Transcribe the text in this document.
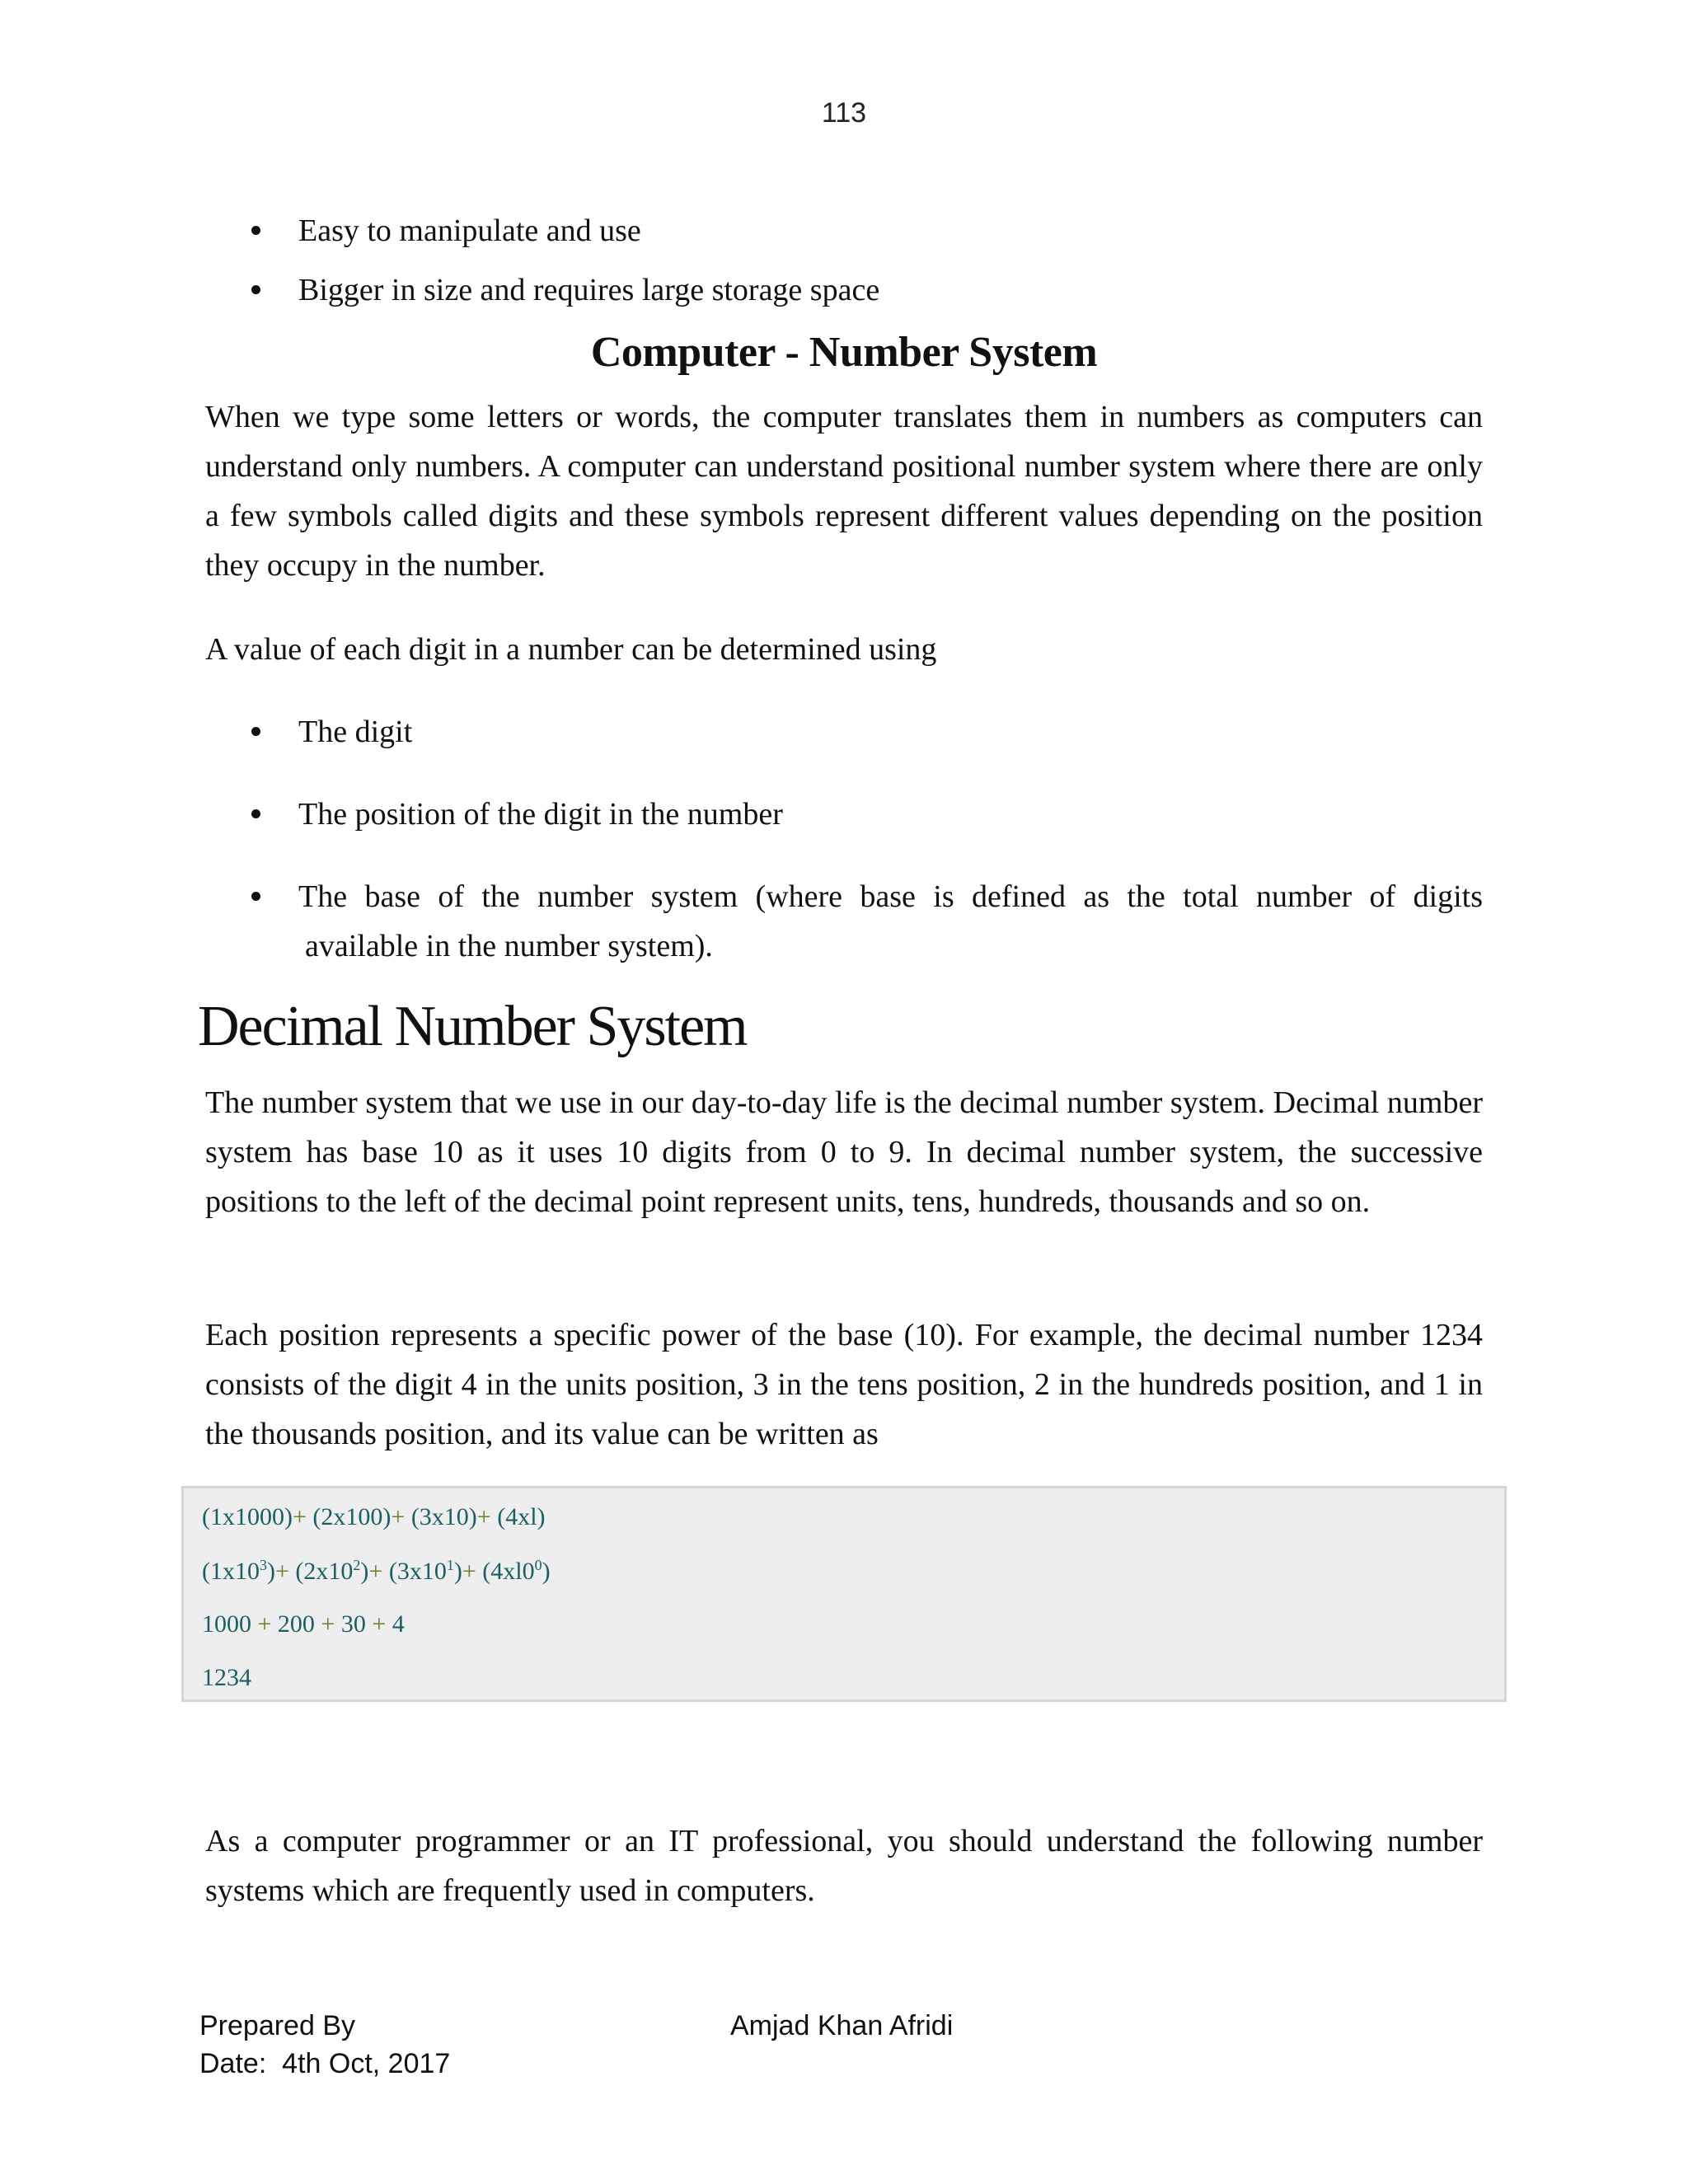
113
Easy to manipulate and use
Bigger in size and requires large storage space
Computer - Number System

When we type some letters or words, the computer translates them in numbers as computers can understand only numbers. A computer can understand positional number system where there are only a few symbols called digits and these symbols represent different values depending on the position they occupy in the number.

A value of each digit in a number can be determined using

The digit
The position of the digit in the number

The base of the number system (where base is defined as the total number of digits
available in the number system).

Decimal Number System

The number system that we use in our day-to-day life is the decimal number system. Decimal number system has base 10 as it uses 10 digits from 0 to 9. In decimal number system, the successive positions to the left of the decimal point represent units, tens, hundreds, thousands and so on.

Each position represents a specific power of the base (10). For example, the decimal number 1234 consists of the digit 4 in the units position, 3 in the tens position, 2 in the hundreds position, and 1 in the thousands position, and its value can be written as

(1x1000)+ (2x100)+ (3x10)+ (4xl)
$(1x10^3)+ (2x10^2)+ (3x10^1)+ (4xl0^0)$
1000 + 200 + 30 + 4
1234

As a computer programmer or an IT professional, you should understand the following number systems which are frequently used in computers.

Prepared By
Date:  4th Oct, 2017
Amjad Khan Afridi
